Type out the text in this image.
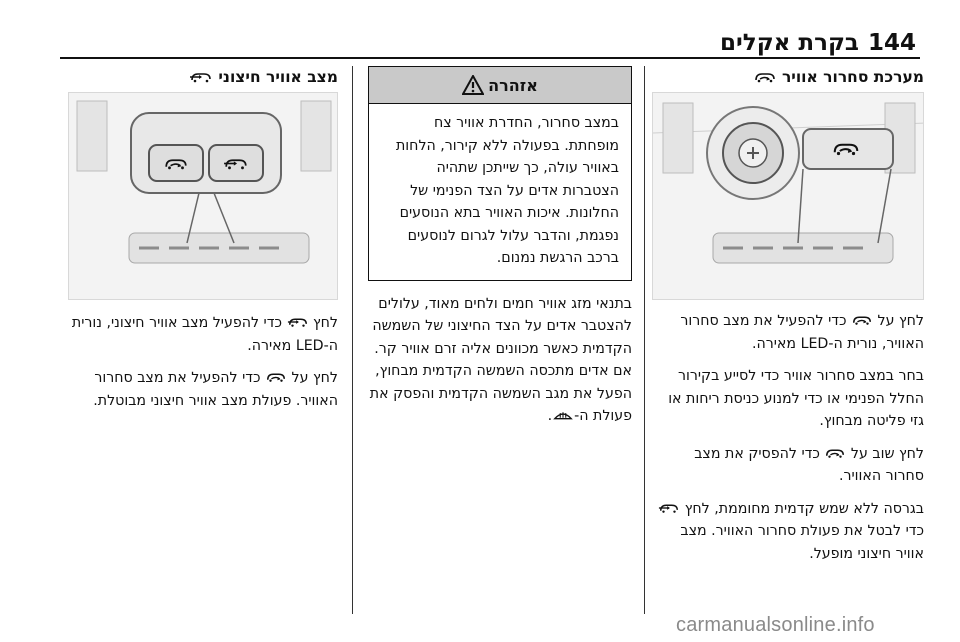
144
בקרת אקלים
מערכת סחרור אוויר
לחץ על  כדי להפעיל את מצב סחרור האוויר, נורית ה-LED מאירה.
בחר במצב סחרור אוויר כדי לסייע בקירור החלל הפנימי או כדי למנוע כניסת ריחות או גזי פליטה מבחוץ.
לחץ שוב על  כדי להפסיק את מצב סחרור האוויר.
בגרסה ללא שמש קדמית מחוממת, לחץ  כדי לבטל את פעולת סחרור האוויר. מצב אוויר חיצוני מופעל.
אזהרה
במצב סחרור, החדרת אוויר צח מופחתת. בפעולה ללא קירור, הלחות באוויר עולה, כך שייתכן שתהיה הצטברות אדים על הצד הפנימי של החלונות. איכות האוויר בתא הנוסעים נפגמת, והדבר עלול לגרום לנוסעים ברכב הרגשת נמנום.
בתנאי מזג אוויר חמים ולחים מאוד, עלולים להצטבר אדים על הצד החיצוני של השמשה הקדמית כאשר מכוונים אליה זרם אוויר קר. אם אדים מתכסה השמשה הקדמית מבחוץ, הפעל את מגב השמשה הקדמית והפסק את פעולת ה-.
מצב אוויר חיצוני
לחץ  כדי להפעיל מצב אוויר חיצוני, נורית ה-LED מאירה.
לחץ על  כדי להפעיל את מצב סחרור האוויר. פעולת מצב אוויר חיצוני מבוטלת.
carmanualsonline.info
